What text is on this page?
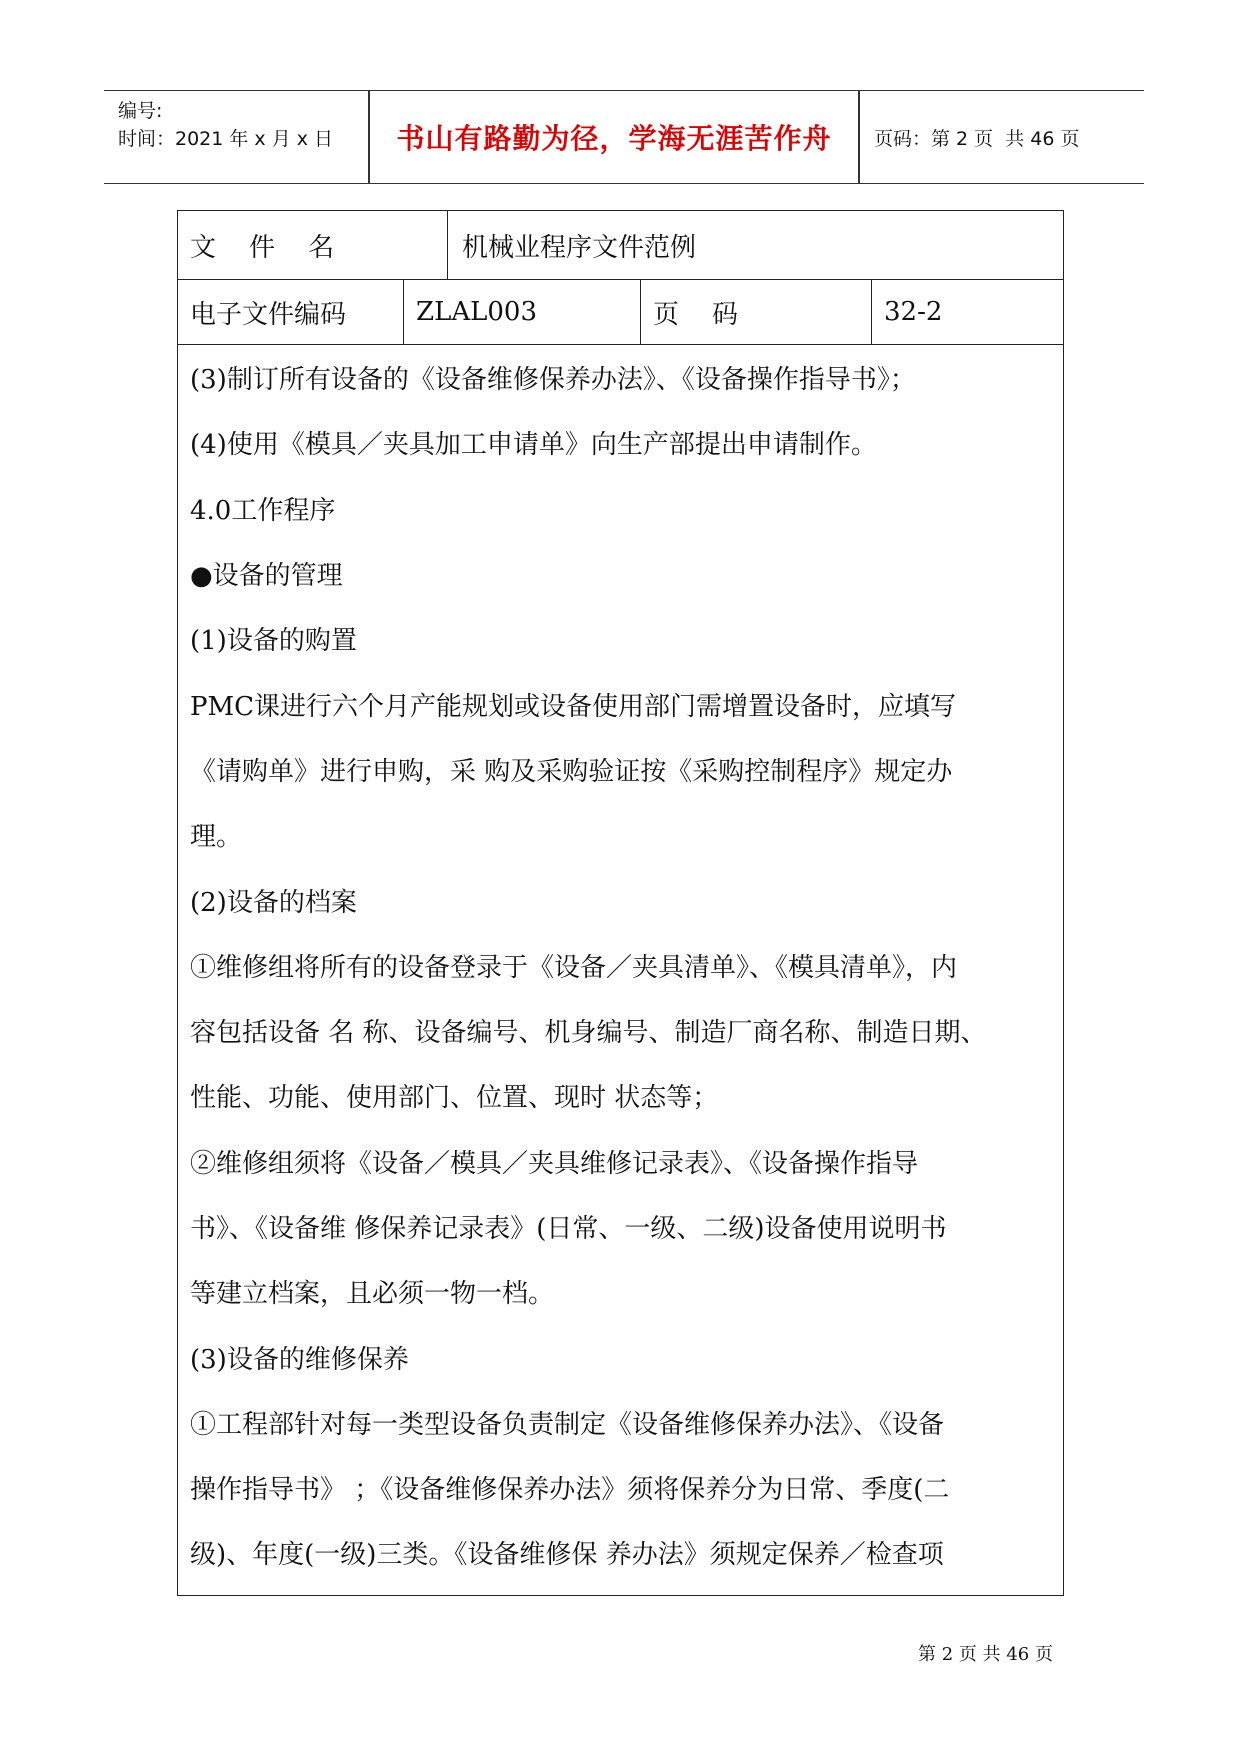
编号:
时间：2021 年 x 月 x 日	书山有路勤为径，学海无涯苦作舟	页码：第 2 页  共 46 页
文    件    名	机械业程序文件范例
电子文件编码	ZLAL003	页    码	32-2
(3)制订所有设备的《设备维修保养办法》、《设备操作指导书》；
(4)使用《模具／夹具加工申请单》向生产部提出申请制作。
4.0工作程序
●设备的管理
(1)设备的购置
PMC课进行六个月产能规划或设备使用部门需增置设备时，应填写
《请购单》进行申购，采 购及采购验证按《采购控制程序》规定办
理。
(2)设备的档案
①维修组将所有的设备登录于《设备／夹具清单》、《模具清单》，内
容包括设备 名 称、设备编号、机身编号、制造厂商名称、制造日期、
性能、功能、使用部门、位置、现时 状态等；
②维修组须将《设备／模具／夹具维修记录表》、《设备操作指导
书》、《设备维 修保养记录表》(日常、一级、二级)设备使用说明书
等建立档案，且必须一物一档。
(3)设备的维修保养
①工程部针对每一类型设备负责制定《设备维修保养办法》、《设备
操作指导书》 ；《设备维修保养办法》须将保养分为日常、季度(二
级)、年度(一级)三类。《设备维修保 养办法》须规定保养／检查项
第 2 页 共 46 页
